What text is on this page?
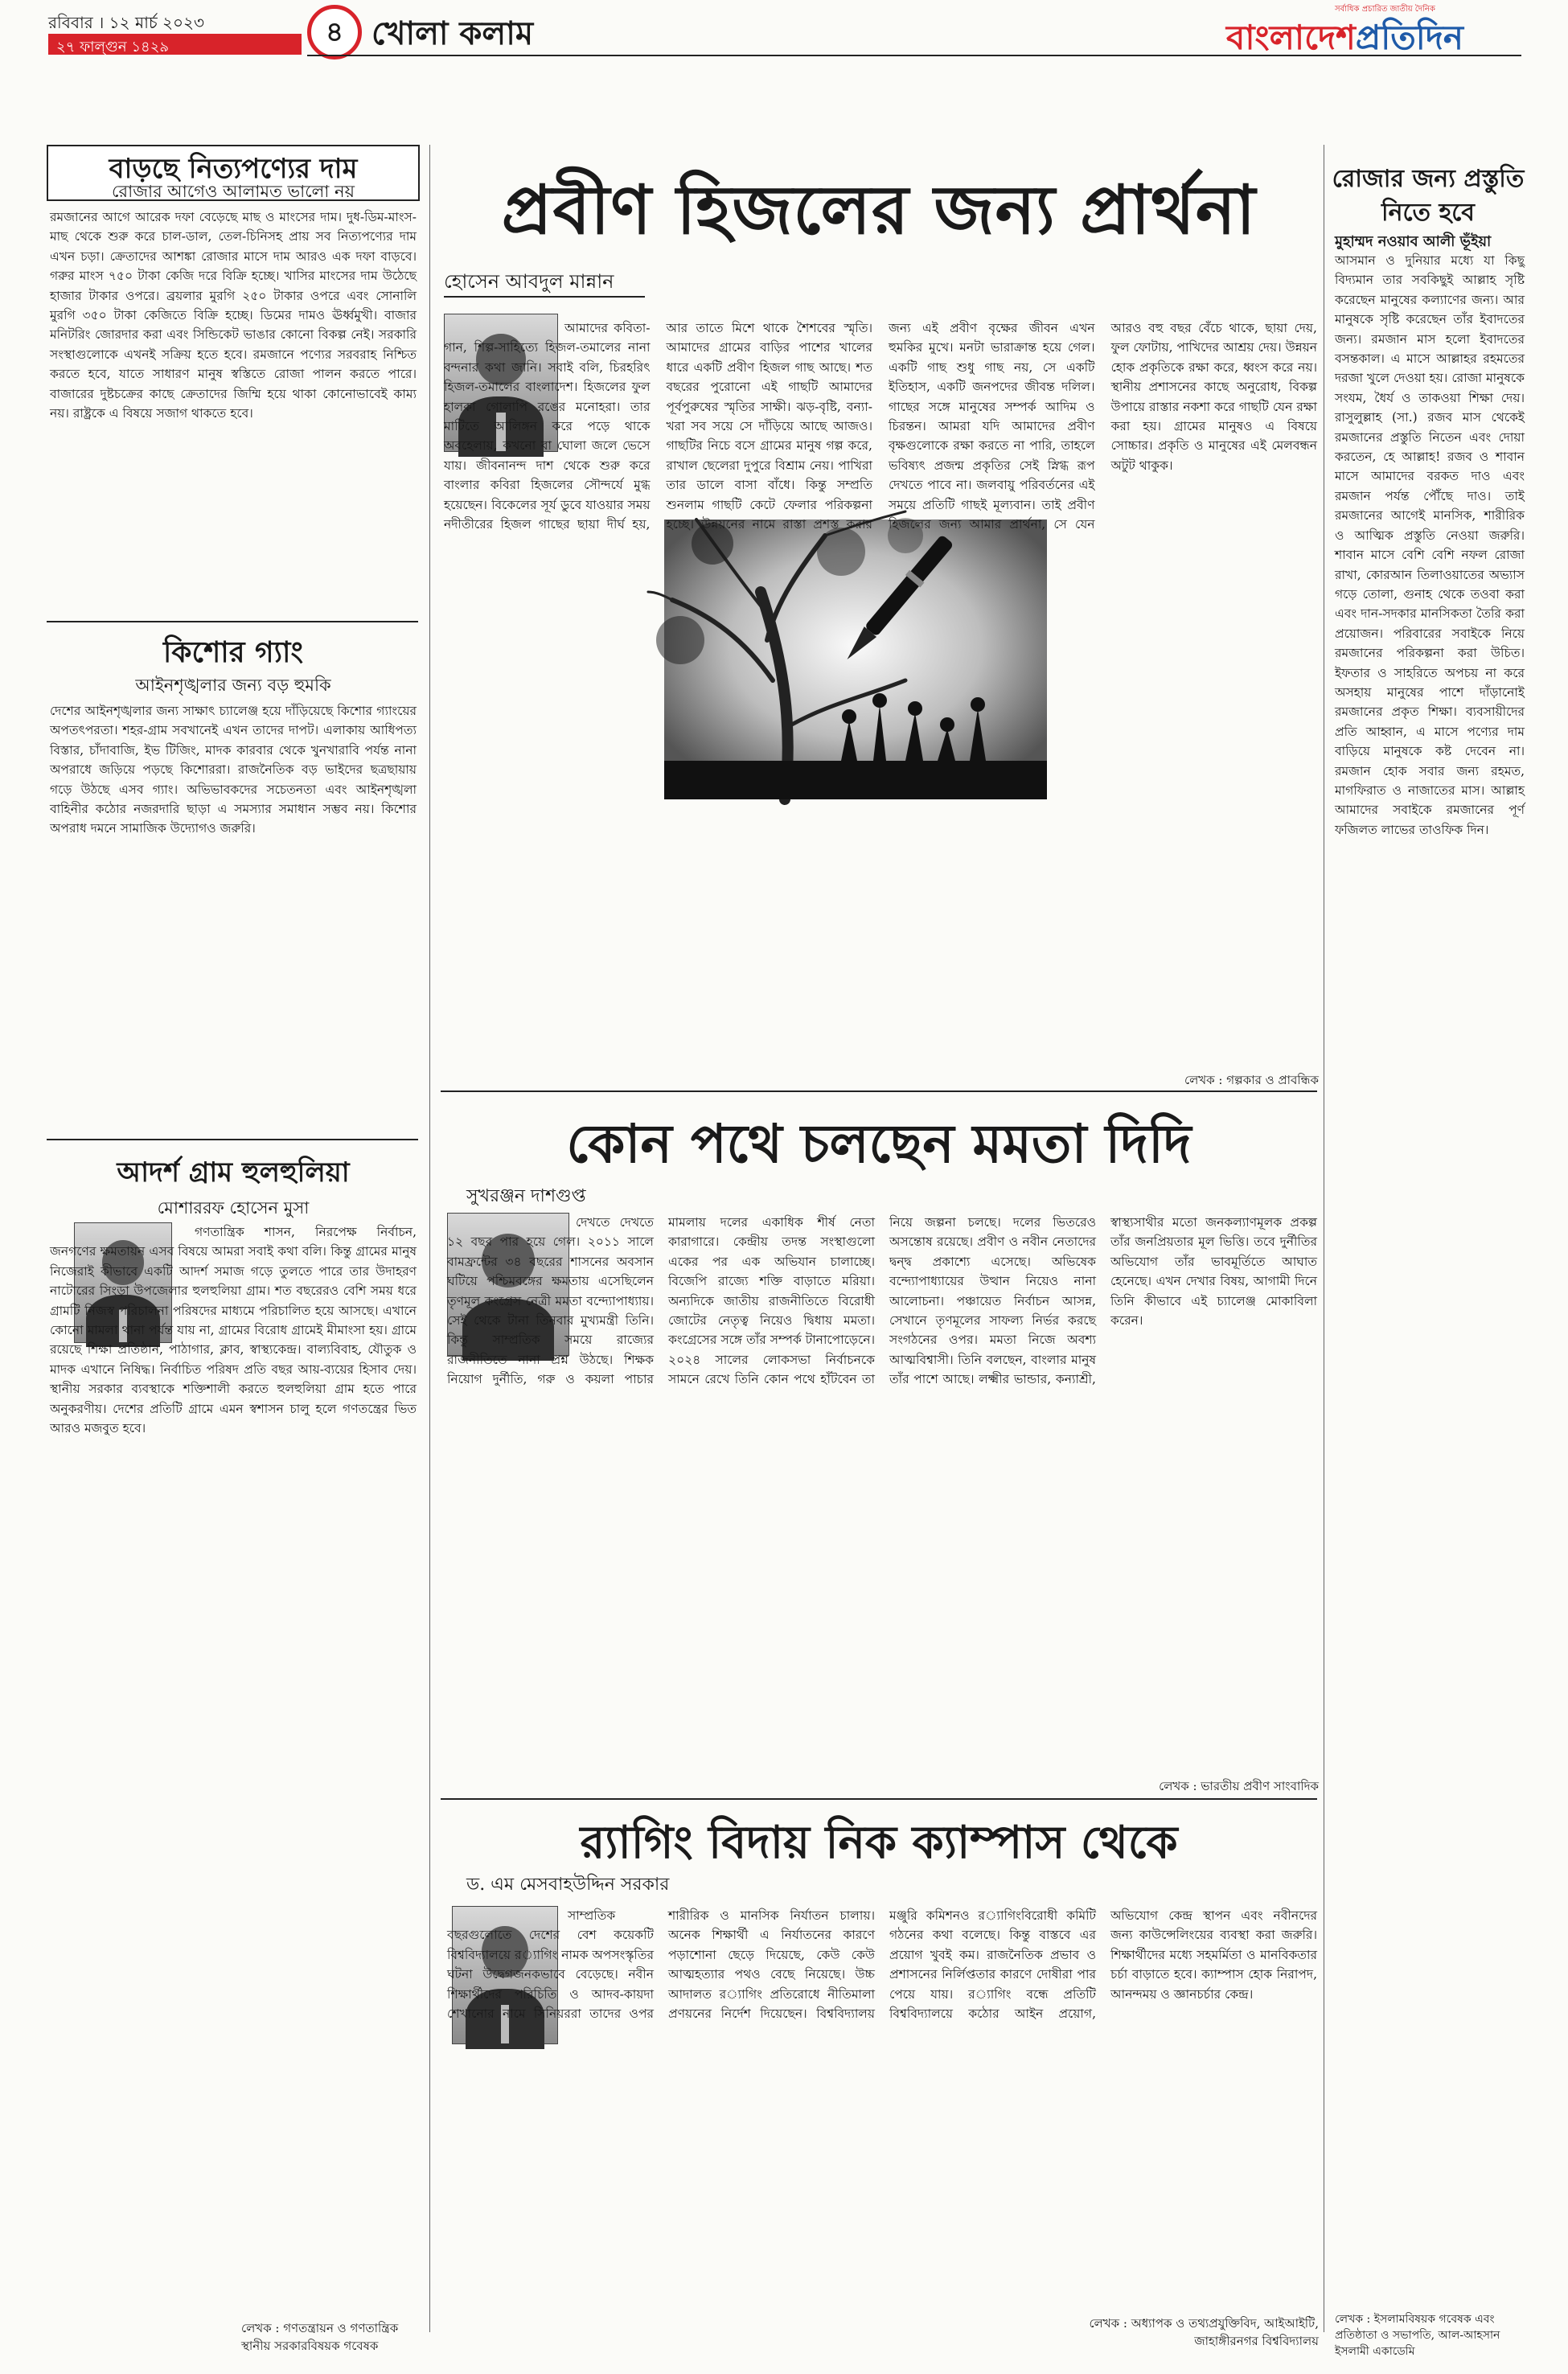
রবিবার । ১২ মার্চ ২০২৩
২৭ ফাল্গুন ১৪২৯	৪ খোলা কলাম
সর্বাধিক প্রচারিত জাতীয় দৈনিক
বাংলাদেশপ্রতিদিন
বাড়ছে নিত্যপণ্যের দাম
রোজার আগেও আলামত ভালো নয়

রমজানের আগে আরেক দফা বেড়েছে মাছ ও মাংসের দাম। দুধ-ডিম-মাংস-মাছ থেকে শুরু করে চাল-ডাল, তেল-চিনিসহ প্রায় সব নিত্যপণ্যের দাম এখন চড়া। ক্রেতাদের আশঙ্কা রোজার মাসে দাম আরও এক দফা বাড়বে। গরুর মাংস ৭৫০ টাকা কেজি দরে বিক্রি হচ্ছে। খাসির মাংসের দাম উঠেছে হাজার টাকার ওপরে। ব্রয়লার মুরগি ২৫০ টাকার ওপরে এবং সোনালি মুরগি ৩৫০ টাকা কেজিতে বিক্রি হচ্ছে। ডিমের দামও ঊর্ধ্বমুখী। বাজার মনিটরিং জোরদার করা এবং সিন্ডিকেট ভাঙার কোনো বিকল্প নেই। সরকারি সংস্থাগুলোকে এখনই সক্রিয় হতে হবে। রমজানে পণ্যের সরবরাহ নিশ্চিত করতে হবে, যাতে সাধারণ মানুষ স্বস্তিতে রোজা পালন করতে পারে। বাজারের দুষ্টচক্রের কাছে ক্রেতাদের জিম্মি হয়ে থাকা কোনোভাবেই কাম্য নয়। রাষ্ট্রকে এ বিষয়ে সজাগ থাকতে হবে।

কিশোর গ্যাং
আইনশৃঙ্খলার জন্য বড় হুমকি

দেশের আইনশৃঙ্খলার জন্য সাক্ষাৎ চ্যালেঞ্জ হয়ে দাঁড়িয়েছে কিশোর গ্যাংয়ের অপতৎপরতা। শহর-গ্রাম সবখানেই এখন তাদের দাপট। এলাকায় আধিপত্য বিস্তার, চাঁদাবাজি, ইভ টিজিং, মাদক কারবার থেকে খুনখারাবি পর্যন্ত নানা অপরাধে জড়িয়ে পড়ছে কিশোররা। রাজনৈতিক বড় ভাইদের ছত্রছায়ায় গড়ে উঠছে এসব গ্যাং। অভিভাবকদের সচেতনতা এবং আইনশৃঙ্খলা বাহিনীর কঠোর নজরদারি ছাড়া এ সমস্যার সমাধান সম্ভব নয়। কিশোর অপরাধ দমনে সামাজিক উদ্যোগও জরুরি।

আদর্শ গ্রাম হুলহুলিয়া
মোশাররফ হোসেন মুসা

গণতান্ত্রিক শাসন, নিরপেক্ষ নির্বাচন, জনগণের ক্ষমতায়ন এসব বিষয়ে আমরা সবাই কথা বলি। কিন্তু গ্রামের মানুষ নিজেরাই কীভাবে একটি আদর্শ সমাজ গড়ে তুলতে পারে তার উদাহরণ নাটোরের সিংড়া উপজেলার হুলহুলিয়া গ্রাম। শত বছরেরও বেশি সময় ধরে গ্রামটি নিজস্ব পরিচালনা পরিষদের মাধ্যমে পরিচালিত হয়ে আসছে। এখানে কোনো মামলা থানা পর্যন্ত যায় না, গ্রামের বিরোধ গ্রামেই মীমাংসা হয়। গ্রামে রয়েছে শিক্ষা প্রতিষ্ঠান, পাঠাগার, ক্লাব, স্বাস্থ্যকেন্দ্র। বাল্যবিবাহ, যৌতুক ও মাদক এখানে নিষিদ্ধ। নির্বাচিত পরিষদ প্রতি বছর আয়-ব্যয়ের হিসাব দেয়। স্থানীয় সরকার ব্যবস্থাকে শক্তিশালী করতে হুলহুলিয়া গ্রাম হতে পারে অনুকরণীয়। দেশের প্রতিটি গ্রামে এমন স্বশাসন চালু হলে গণতন্ত্রের ভিত আরও মজবুত হবে।

লেখক : গণতন্ত্রায়ন ও গণতান্ত্রিক স্থানীয় সরকারবিষয়ক গবেষক
প্রবীণ হিজলের জন্য প্রার্থনা
হোসেন আবদুল মান্নান

আমাদের কবিতা-গান, শিল্প-সাহিত্যে হিজল-তমালের নানা বন্দনার কথা জানি। সবাই বলি, চিরহরিৎ হিজল-তমালের বাংলাদেশ। হিজলের ফুল হালকা গোলাপি রঙের মনোহরা। তার মাটিতে আলিঙ্গন করে পড়ে থাকে অবহেলায়, কখনো বা ঘোলা জলে ভেসে যায়। জীবনানন্দ দাশ থেকে শুরু করে বাংলার কবিরা হিজলের সৌন্দর্যে মুগ্ধ হয়েছেন। বিকেলের সূর্য ডুবে যাওয়ার সময় নদীতীরের হিজল গাছের ছায়া দীর্ঘ হয়, আর তাতে মিশে থাকে শৈশবের স্মৃতি। আমাদের গ্রামের বাড়ির পাশের খালের ধারে একটি প্রবীণ হিজল গাছ আছে। শত বছরের পুরোনো এই গাছটি আমাদের পূর্বপুরুষের স্মৃতির সাক্ষী। ঝড়-বৃষ্টি, বন্যা-খরা সব সয়ে সে দাঁড়িয়ে আছে আজও। গাছটির নিচে বসে গ্রামের মানুষ গল্প করে, রাখাল ছেলেরা দুপুরে বিশ্রাম নেয়। পাখিরা তার ডালে বাসা বাঁধে। কিন্তু সম্প্রতি শুনলাম গাছটি কেটে ফেলার পরিকল্পনা হচ্ছে। উন্নয়নের নামে রাস্তা প্রশস্ত করার জন্য এই প্রবীণ বৃক্ষের জীবন এখন হুমকির মুখে। মনটা ভারাক্রান্ত হয়ে গেল। একটি গাছ শুধু গাছ নয়, সে একটি ইতিহাস, একটি জনপদের জীবন্ত দলিল। গাছের সঙ্গে মানুষের সম্পর্ক আদিম ও চিরন্তন। আমরা যদি আমাদের প্রবীণ বৃক্ষগুলোকে রক্ষা করতে না পারি, তাহলে ভবিষ্যৎ প্রজন্ম প্রকৃতির সেই স্নিগ্ধ রূপ দেখতে পাবে না। জলবায়ু পরিবর্তনের এই সময়ে প্রতিটি গাছই মূল্যবান। তাই প্রবীণ হিজলের জন্য আমার প্রার্থনা, সে যেন আরও বহু বছর বেঁচে থাকে, ছায়া দেয়, ফুল ফোটায়, পাখিদের আশ্রয় দেয়। উন্নয়ন হোক প্রকৃতিকে রক্ষা করে, ধ্বংস করে নয়। স্থানীয় প্রশাসনের কাছে অনুরোধ, বিকল্প উপায়ে রাস্তার নকশা করে গাছটি যেন রক্ষা করা হয়। গ্রামের মানুষও এ বিষয়ে সোচ্চার। প্রকৃতি ও মানুষের এই মেলবন্ধন অটুট থাকুক।

লেখক : গল্পকার ও প্রাবন্ধিক
কোন পথে চলছেন মমতা দিদি
সুখরঞ্জন দাশগুপ্ত

দেখতে দেখতে ১২ বছর পার হয়ে গেল। ২০১১ সালে বামফ্রন্টের ৩৪ বছরের শাসনের অবসান ঘটিয়ে পশ্চিমবঙ্গের ক্ষমতায় এসেছিলেন তৃণমূল কংগ্রেস নেত্রী মমতা বন্দ্যোপাধ্যায়। সেই থেকে টানা তিনবার মুখ্যমন্ত্রী তিনি। কিন্তু সাম্প্রতিক সময়ে রাজ্যের রাজনীতিতে নানা প্রশ্ন উঠছে। শিক্ষক নিয়োগ দুর্নীতি, গরু ও কয়লা পাচার মামলায় দলের একাধিক শীর্ষ নেতা কারাগারে। কেন্দ্রীয় তদন্ত সংস্থাগুলো একের পর এক অভিযান চালাচ্ছে। বিজেপি রাজ্যে শক্তি বাড়াতে মরিয়া। অন্যদিকে জাতীয় রাজনীতিতে বিরোধী জোটের নেতৃত্ব নিয়েও দ্বিধায় মমতা। কংগ্রেসের সঙ্গে তাঁর সম্পর্ক টানাপোড়েনে। ২০২৪ সালের লোকসভা নির্বাচনকে সামনে রেখে তিনি কোন পথে হাঁটবেন তা নিয়ে জল্পনা চলছে। দলের ভিতরেও অসন্তোষ রয়েছে। প্রবীণ ও নবীন নেতাদের দ্বন্দ্ব প্রকাশ্যে এসেছে। অভিষেক বন্দ্যোপাধ্যায়ের উত্থান নিয়েও নানা আলোচনা। পঞ্চায়েত নির্বাচন আসন্ন, সেখানে তৃণমূলের সাফল্য নির্ভর করছে সংগঠনের ওপর। মমতা নিজে অবশ্য আত্মবিশ্বাসী। তিনি বলছেন, বাংলার মানুষ তাঁর পাশে আছে। লক্ষ্মীর ভান্ডার, কন্যাশ্রী, স্বাস্থ্যসাথীর মতো জনকল্যাণমূলক প্রকল্প তাঁর জনপ্রিয়তার মূল ভিত্তি। তবে দুর্নীতির অভিযোগ তাঁর ভাবমূর্তিতে আঘাত হেনেছে। এখন দেখার বিষয়, আগামী দিনে তিনি কীভাবে এই চ্যালেঞ্জ মোকাবিলা করেন।

লেখক : ভারতীয় প্রবীণ সাংবাদিক
র‌্যাগিং বিদায় নিক ক্যাম্পাস থেকে
ড. এম মেসবাহউদ্দিন সরকার

সাম্প্রতিক বছরগুলোতে দেশের বেশ কয়েকটি বিশ্ববিদ্যালয়ে র‌্যাগিং নামক অপসংস্কৃতির ঘটনা উদ্বেগজনকভাবে বেড়েছে। নবীন শিক্ষার্থীদের পরিচিতি ও আদব-কায়দা শেখানোর নামে সিনিয়ররা তাদের ওপর শারীরিক ও মানসিক নির্যাতন চালায়। অনেক শিক্ষার্থী এ নির্যাতনের কারণে পড়াশোনা ছেড়ে দিয়েছে, কেউ কেউ আত্মহত্যার পথও বেছে নিয়েছে। উচ্চ আদালত র‌্যাগিং প্রতিরোধে নীতিমালা প্রণয়নের নির্দেশ দিয়েছেন। বিশ্ববিদ্যালয় মঞ্জুরি কমিশনও র‌্যাগিংবিরোধী কমিটি গঠনের কথা বলেছে। কিন্তু বাস্তবে এর প্রয়োগ খুবই কম। রাজনৈতিক প্রভাব ও প্রশাসনের নির্লিপ্ততার কারণে দোষীরা পার পেয়ে যায়। র‌্যাগিং বন্ধে প্রতিটি বিশ্ববিদ্যালয়ে কঠোর আইন প্রয়োগ, অভিযোগ কেন্দ্র স্থাপন এবং নবীনদের জন্য কাউন্সেলিংয়ের ব্যবস্থা করা জরুরি। শিক্ষার্থীদের মধ্যে সহমর্মিতা ও মানবিকতার চর্চা বাড়াতে হবে। ক্যাম্পাস হোক নিরাপদ, আনন্দময় ও জ্ঞানচর্চার কেন্দ্র।

লেখক : অধ্যাপক ও তথ্যপ্রযুক্তিবিদ, আইআইটি, জাহাঙ্গীরনগর বিশ্ববিদ্যালয়
রোজার জন্য প্রস্তুতি
নিতে হবে
মুহাম্মদ নওয়াব আলী ভূঁইয়া

আসমান ও দুনিয়ার মধ্যে যা কিছু বিদ্যমান তার সবকিছুই আল্লাহ সৃষ্টি করেছেন মানুষের কল্যাণের জন্য। আর মানুষকে সৃষ্টি করেছেন তাঁর ইবাদতের জন্য। রমজান মাস হলো ইবাদতের বসন্তকাল। এ মাসে আল্লাহর রহমতের দরজা খুলে দেওয়া হয়। রোজা মানুষকে সংযম, ধৈর্য ও তাকওয়া শিক্ষা দেয়। রাসুলুল্লাহ (সা.) রজব মাস থেকেই রমজানের প্রস্তুতি নিতেন এবং দোয়া করতেন, হে আল্লাহ! রজব ও শাবান মাসে আমাদের বরকত দাও এবং রমজান পর্যন্ত পৌঁছে দাও। তাই রমজানের আগেই মানসিক, শারীরিক ও আত্মিক প্রস্তুতি নেওয়া জরুরি। শাবান মাসে বেশি বেশি নফল রোজা রাখা, কোরআন তিলাওয়াতের অভ্যাস গড়ে তোলা, গুনাহ থেকে তওবা করা এবং দান-সদকার মানসিকতা তৈরি করা প্রয়োজন। পরিবারের সবাইকে নিয়ে রমজানের পরিকল্পনা করা উচিত। ইফতার ও সাহরিতে অপচয় না করে অসহায় মানুষের পাশে দাঁড়ানোই রমজানের প্রকৃত শিক্ষা। ব্যবসায়ীদের প্রতি আহ্বান, এ মাসে পণ্যের দাম বাড়িয়ে মানুষকে কষ্ট দেবেন না। রমজান হোক সবার জন্য রহমত, মাগফিরাত ও নাজাতের মাস। আল্লাহ আমাদের সবাইকে রমজানের পূর্ণ ফজিলত লাভের তাওফিক দিন।

লেখক : ইসলামবিষয়ক গবেষক এবং প্রতিষ্ঠাতা ও সভাপতি, আল-আহসান ইসলামী একাডেমি
